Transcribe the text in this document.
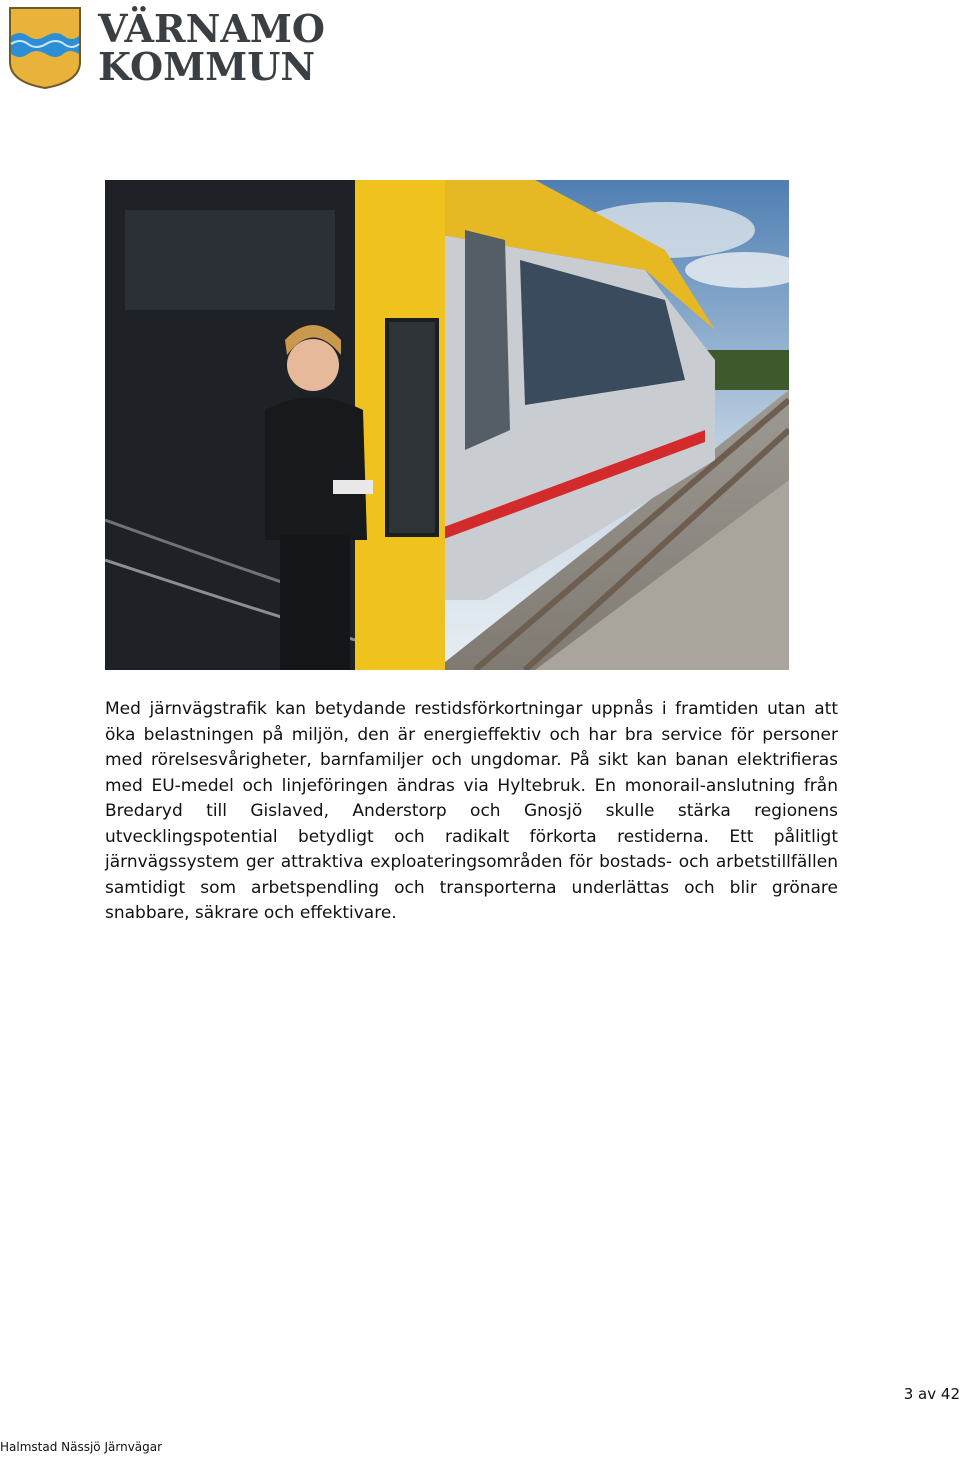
VÄRNAMO
KOMMUN
Med järnvägstrafik kan betydande restidsförkortningar uppnås i framtiden utan att öka belastningen på miljön, den är energieffektiv och har bra service för personer med rörelsesvårigheter, barnfamiljer och ungdomar. På sikt kan banan elektrifieras med EU-medel och linjeföringen ändras via Hyltebruk. En monorail-anslutning från Bredaryd till Gislaved, Anderstorp och Gnosjö skulle stärka regionens utvecklingspotential betydligt och radikalt förkorta restiderna. Ett pålitligt järnvägssystem ger attraktiva exploateringsområden för bostads- och arbetstillfällen samtidigt som arbetspendling och transporterna underlättas och blir grönare snabbare, säkrare och effektivare.
3 av 42
Halmstad Nässjö Järnvägar
